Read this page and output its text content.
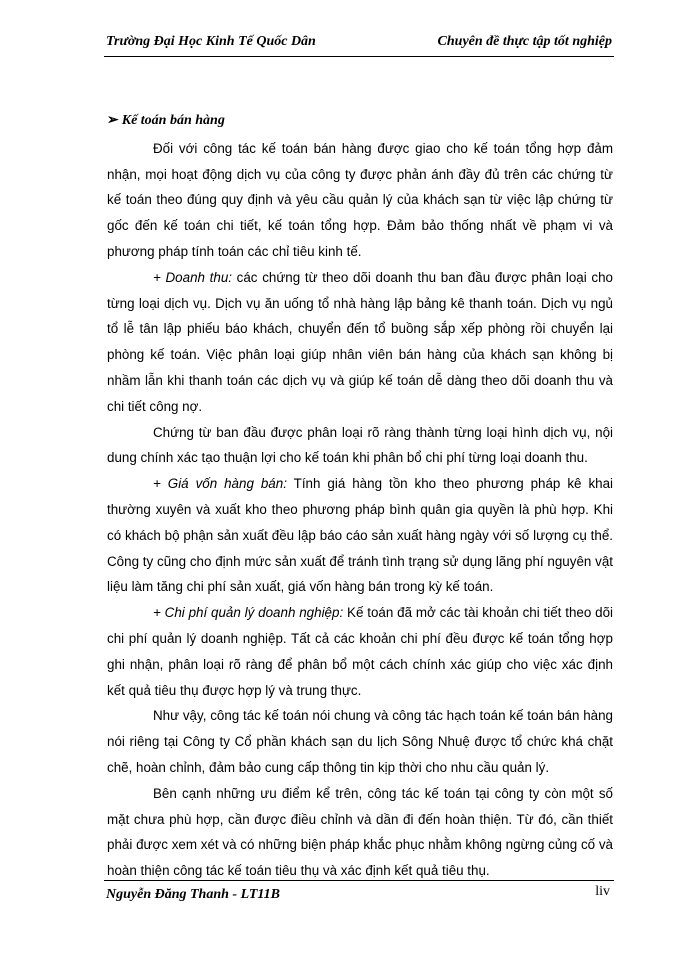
Trường Đại Học Kinh Tế Quốc Dân	Chuyên đề thực tập tốt nghiệp

➢ Kế toán bán hàng

Đối với công tác kế toán bán hàng được giao cho kế toán tổng hợp đảm nhận, mọi hoạt động dịch vụ của công ty được phản ánh đầy đủ trên các chứng từ kế toán theo đúng quy định và yêu cầu quản lý của khách sạn từ việc lập chứng từ gốc đến kế toán chi tiết, kế toán tổng hợp. Đảm bảo thống nhất về phạm vi và phương pháp tính toán các chỉ tiêu kinh tế.

+ Doanh thu: các chứng từ theo dõi doanh thu ban đầu được phân loại cho từng loại dịch vụ. Dịch vụ ăn uống tổ nhà hàng lập bảng kê thanh toán. Dịch vụ ngủ tổ lễ tân lập phiếu báo khách, chuyển đến tổ buồng sắp xếp phòng rồi chuyển lại phòng kế toán. Việc phân loại giúp nhân viên bán hàng của khách sạn không bị nhầm lẫn khi thanh toán các dịch vụ và giúp kế toán dễ dàng theo dõi doanh thu và chi tiết công nợ.

Chứng từ ban đầu được phân loại rõ ràng thành từng loại hình dịch vụ, nội dung chính xác tạo thuận lợi cho kế toán khi phân bổ chi phí từng loại doanh thu.

+ Giá vốn hàng bán: Tính giá hàng tồn kho theo phương pháp kê khai thường xuyên và xuất kho theo phương pháp bình quân gia quyền là phù hợp. Khi có khách bộ phận sản xuất đều lập báo cáo sản xuất hàng ngày với số lượng cụ thể. Công ty cũng cho định mức sản xuất để tránh tình trạng sử dụng lãng phí nguyên vật liệu làm tăng chi phí sản xuất, giá vốn hàng bán trong kỳ kế toán.

+ Chi phí quản lý doanh nghiệp: Kế toán đã mở các tài khoản chi tiết theo dõi chi phí quản lý doanh nghiệp. Tất cả các khoản chi phí đều được kế toán tổng hợp ghi nhận, phân loại rõ ràng để phân bổ một cách chính xác giúp cho việc xác định kết quả tiêu thụ được hợp lý và trung thực.

Như vậy, công tác kế toán nói chung và công tác hạch toán kế toán bán hàng nói riêng tại Công ty Cổ phần khách sạn du lịch Sông Nhuệ được tổ chức khá chặt chẽ, hoàn chỉnh, đảm bảo cung cấp thông tin kịp thời cho nhu cầu quản lý.

Bên cạnh những ưu điểm kể trên, công tác kế toán tại công ty còn một số mặt chưa phù hợp, cần được điều chỉnh và dần đi đến hoàn thiện. Từ đó, cần thiết phải được xem xét và có những biện pháp khắc phục nhằm không ngừng củng cố và hoàn thiện công tác kế toán tiêu thụ và xác định kết quả tiêu thụ.

Nguyễn Đăng Thanh - LT11B	liv
